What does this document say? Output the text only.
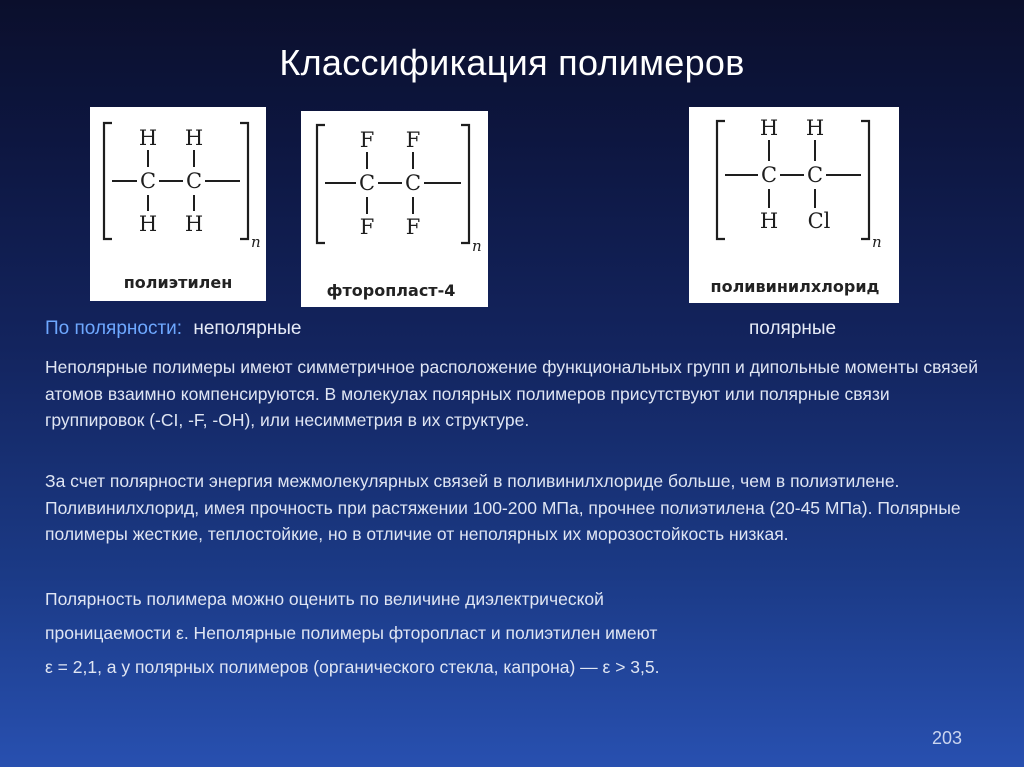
Классификация полимеров
H H
C C
H H
n
полиэтилен
F F
C C
F F
n
фторопласт-4
H H
C C
H Cl
n
поливинилхлорид
По полярности: неполярные	полярные

Неполярные полимеры имеют симметричное расположение функциональных групп и дипольные моменты связей атомов взаимно компенсируются. В молекулах полярных полимеров присутствуют или полярные связи группировок (-CI, -F, -OH), или несимметрия в их структуре.

За счет полярности энергия межмолекулярных связей в поливинилхлориде больше, чем в полиэтилене. Поливинилхлорид, имея прочность при растяжении 100-200 МПа, прочнее полиэтилена (20-45 МПа). Полярные полимеры жесткие, теплостойкие, но в отличие от неполярных их морозостойкость низкая.

Полярность полимера можно оценить по величине диэлектрической

проницаемости ε. Неполярные полимеры фторопласт и полиэтилен имеют

ε = 2,1, а у полярных полимеров (органического стекла, капрона) — ε > 3,5.

203
